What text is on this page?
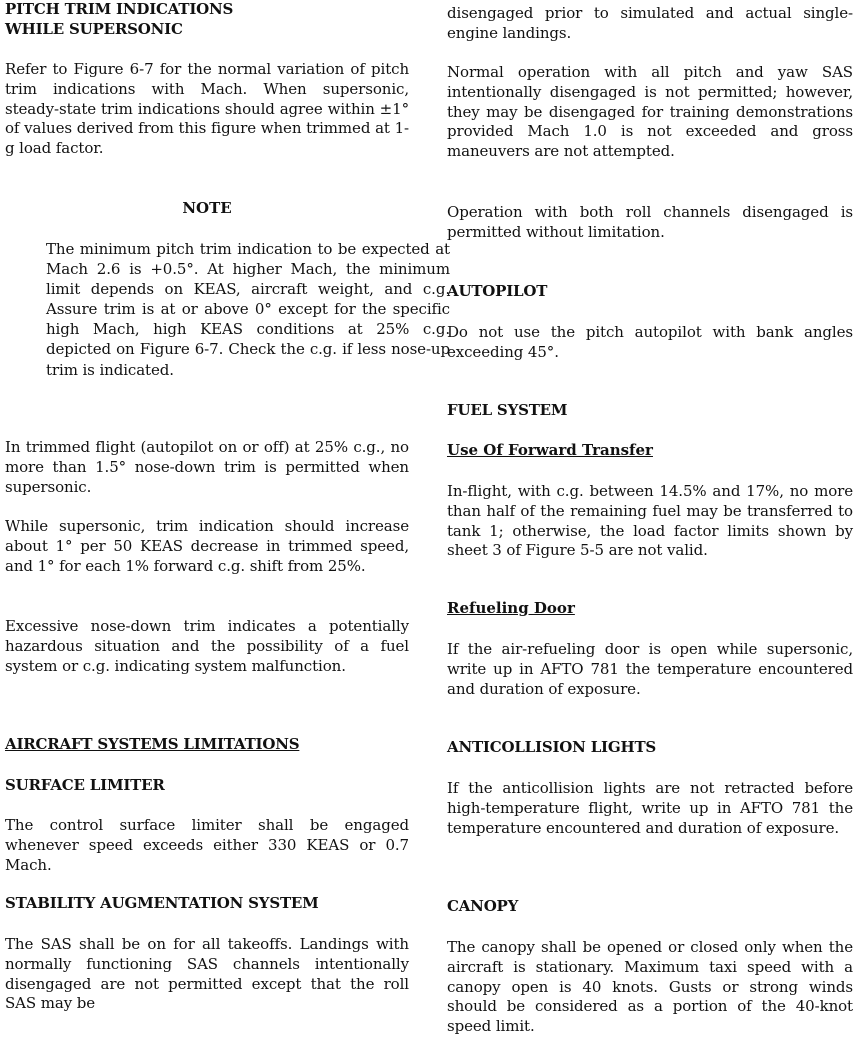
PITCH TRIM INDICATIONS
WHILE SUPERSONIC

Refer to Figure 6-7 for the normal variation of pitch trim indications with Mach. When supersonic, steady-state trim indications should agree within ±1° of values derived from this figure when trimmed at 1-g load factor.

NOTE

The minimum pitch trim indication to be expected at Mach 2.6 is +0.5°. At higher Mach, the minimum limit depends on KEAS, aircraft weight, and c.g. Assure trim is at or above 0° except for the specific high Mach, high KEAS conditions at 25% c.g. depicted on Figure 6-7. Check the c.g. if less nose-up trim is indicated.

In trimmed flight (autopilot on or off) at 25% c.g., no more than 1.5° nose-down trim is permitted when supersonic.

While supersonic, trim indication should increase about 1° per 50 KEAS decrease in trimmed speed, and 1° for each 1% forward c.g. shift from 25%.

Excessive nose-down trim indicates a potentially hazardous situation and the possibility of a fuel system or c.g. indicating system malfunction.

AIRCRAFT SYSTEMS LIMITATIONS
SURFACE LIMITER

The control surface limiter shall be engaged whenever speed exceeds either 330 KEAS or 0.7 Mach.

STABILITY AUGMENTATION SYSTEM

The SAS shall be on for all takeoffs. Landings with normally functioning SAS channels intentionally disengaged are not permitted except that the roll SAS may be

disengaged prior to simulated and actual single-engine landings.

Normal operation with all pitch and yaw SAS intentionally disengaged is not permitted; however, they may be disengaged for training demonstrations provided Mach 1.0 is not exceeded and gross maneuvers are not attempted.

Operation with both roll channels disengaged is permitted without limitation.

AUTOPILOT

Do not use the pitch autopilot with bank angles exceeding 45°.

FUEL SYSTEM
Use Of Forward Transfer

In-flight, with c.g. between 14.5% and 17%, no more than half of the remaining fuel may be transferred to tank 1; otherwise, the load factor limits shown by sheet 3 of Figure 5-5 are not valid.

Refueling Door

If the air-refueling door is open while supersonic, write up in AFTO 781 the temperature encountered and duration of exposure.

ANTICOLLISION LIGHTS

If the anticollision lights are not retracted before high-temperature flight, write up in AFTO 781 the temperature encountered and duration of exposure.

CANOPY

The canopy shall be opened or closed only when the aircraft is stationary. Maximum taxi speed with a canopy open is 40 knots. Gusts or strong winds should be considered as a portion of the 40-knot speed limit.
